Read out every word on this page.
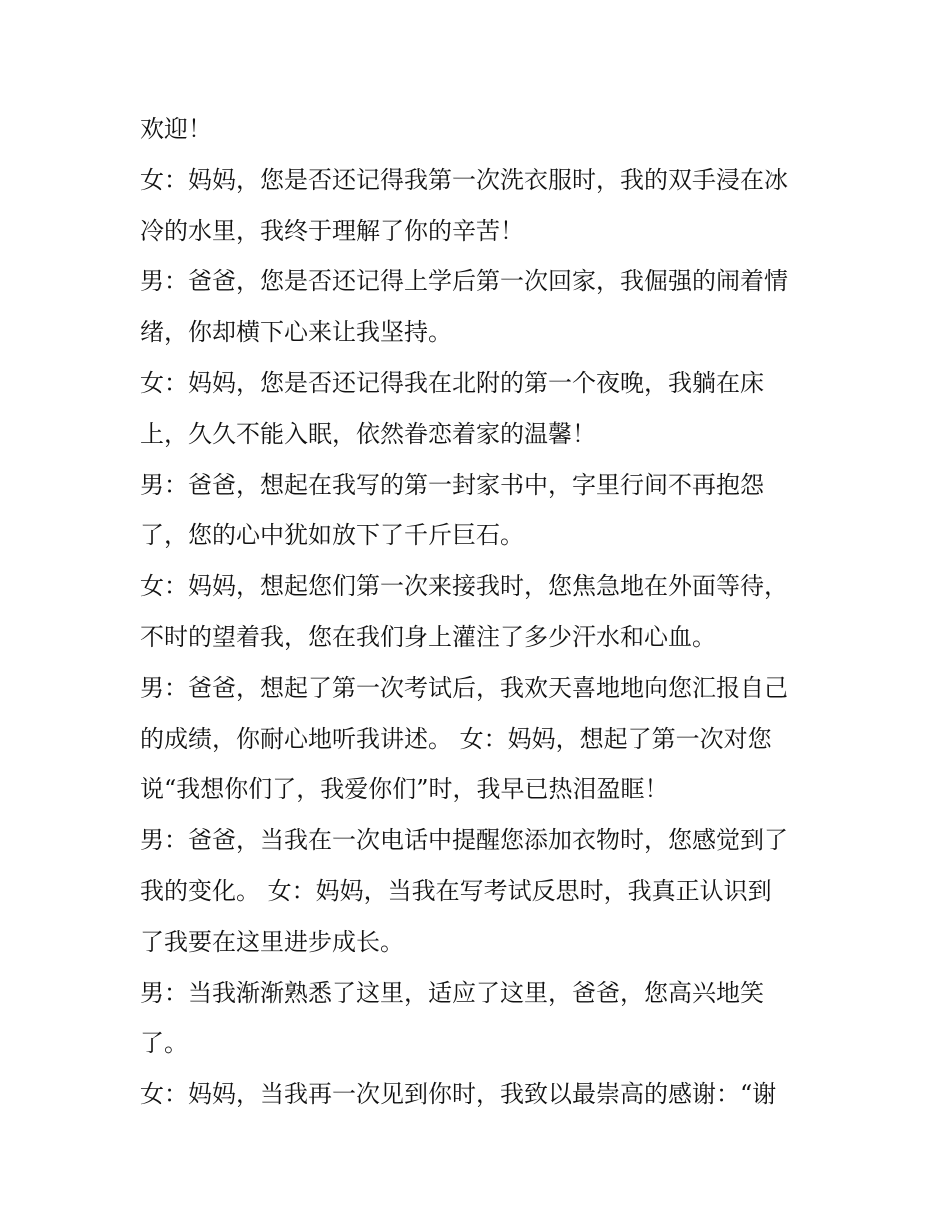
欢迎！
女：妈妈，您是否还记得我第一次洗衣服时，我的双手浸在冰
冷的水里，我终于理解了你的辛苦！
男：爸爸，您是否还记得上学后第一次回家，我倔强的闹着情
绪，你却横下心来让我坚持。
女：妈妈，您是否还记得我在北附的第一个夜晚，我躺在床
上，久久不能入眠，依然眷恋着家的温馨！
男：爸爸，想起在我写的第一封家书中，字里行间不再抱怨
了，您的心中犹如放下了千斤巨石。
女：妈妈，想起您们第一次来接我时，您焦急地在外面等待，
不时的望着我，您在我们身上灌注了多少汗水和心血。
男：爸爸，想起了第一次考试后，我欢天喜地地向您汇报自己
的成绩，你耐心地听我讲述。 女：妈妈，想起了第一次对您
说“我想你们了，我爱你们”时，我早已热泪盈眶！
男：爸爸，当我在一次电话中提醒您添加衣物时，您感觉到了
我的变化。 女：妈妈，当我在写考试反思时，我真正认识到
了我要在这里进步成长。
男：当我渐渐熟悉了这里，适应了这里，爸爸，您高兴地笑
了。
女：妈妈，当我再一次见到你时，我致以最崇高的感谢：“谢
